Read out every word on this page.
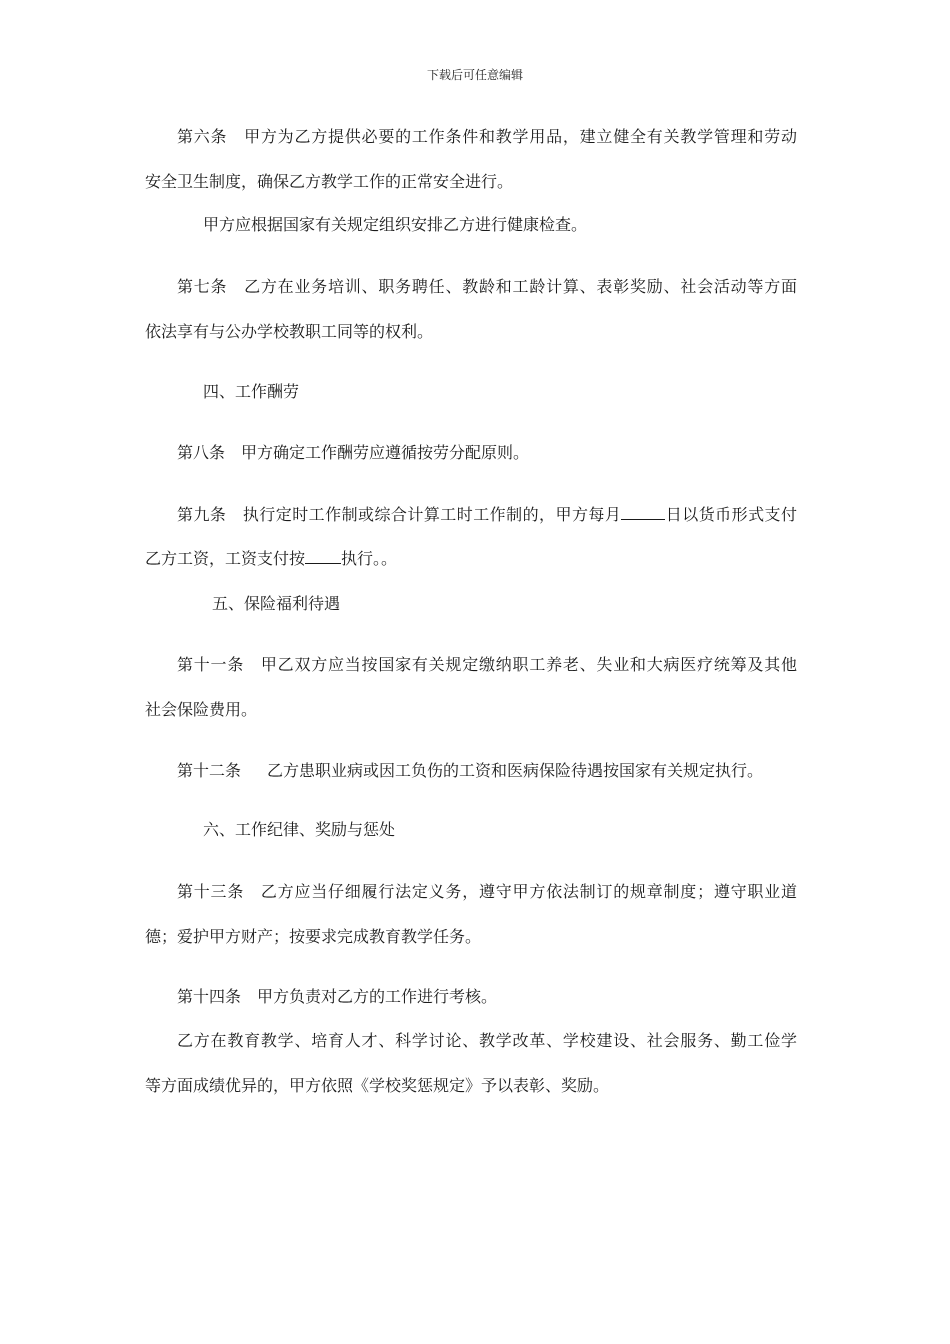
下载后可任意编辑
第六条 甲方为乙方提供必要的工作条件和教学用品，建立健全有关教学管理和劳动
安全卫生制度，确保乙方教学工作的正常安全进行。
甲方应根据国家有关规定组织安排乙方进行健康检查。
第七条 乙方在业务培训、职务聘任、教龄和工龄计算、表彰奖励、社会活动等方面
依法享有与公办学校教职工同等的权利。
四、工作酬劳
第八条 甲方确定工作酬劳应遵循按劳分配原则。
第九条 执行定时工作制或综合计算工时工作制的，甲方每月	日以货币形式支付
乙方工资，工资支付按 执行。。
五、保险福利待遇
第十一条 甲乙双方应当按国家有关规定缴纳职工养老、失业和大病医疗统筹及其他
社会保险费用。
第十二条 乙方患职业病或因工负伤的工资和医病保险待遇按国家有关规定执行。
六、工作纪律、奖励与惩处
第十三条 乙方应当仔细履行法定义务，遵守甲方依法制订的规章制度；遵守职业道
德；爱护甲方财产；按要求完成教育教学任务。
第十四条 甲方负责对乙方的工作进行考核。
乙方在教育教学、培育人才、科学讨论、教学改革、学校建设、社会服务、勤工俭学
等方面成绩优异的，甲方依照《学校奖惩规定》予以表彰、奖励。
